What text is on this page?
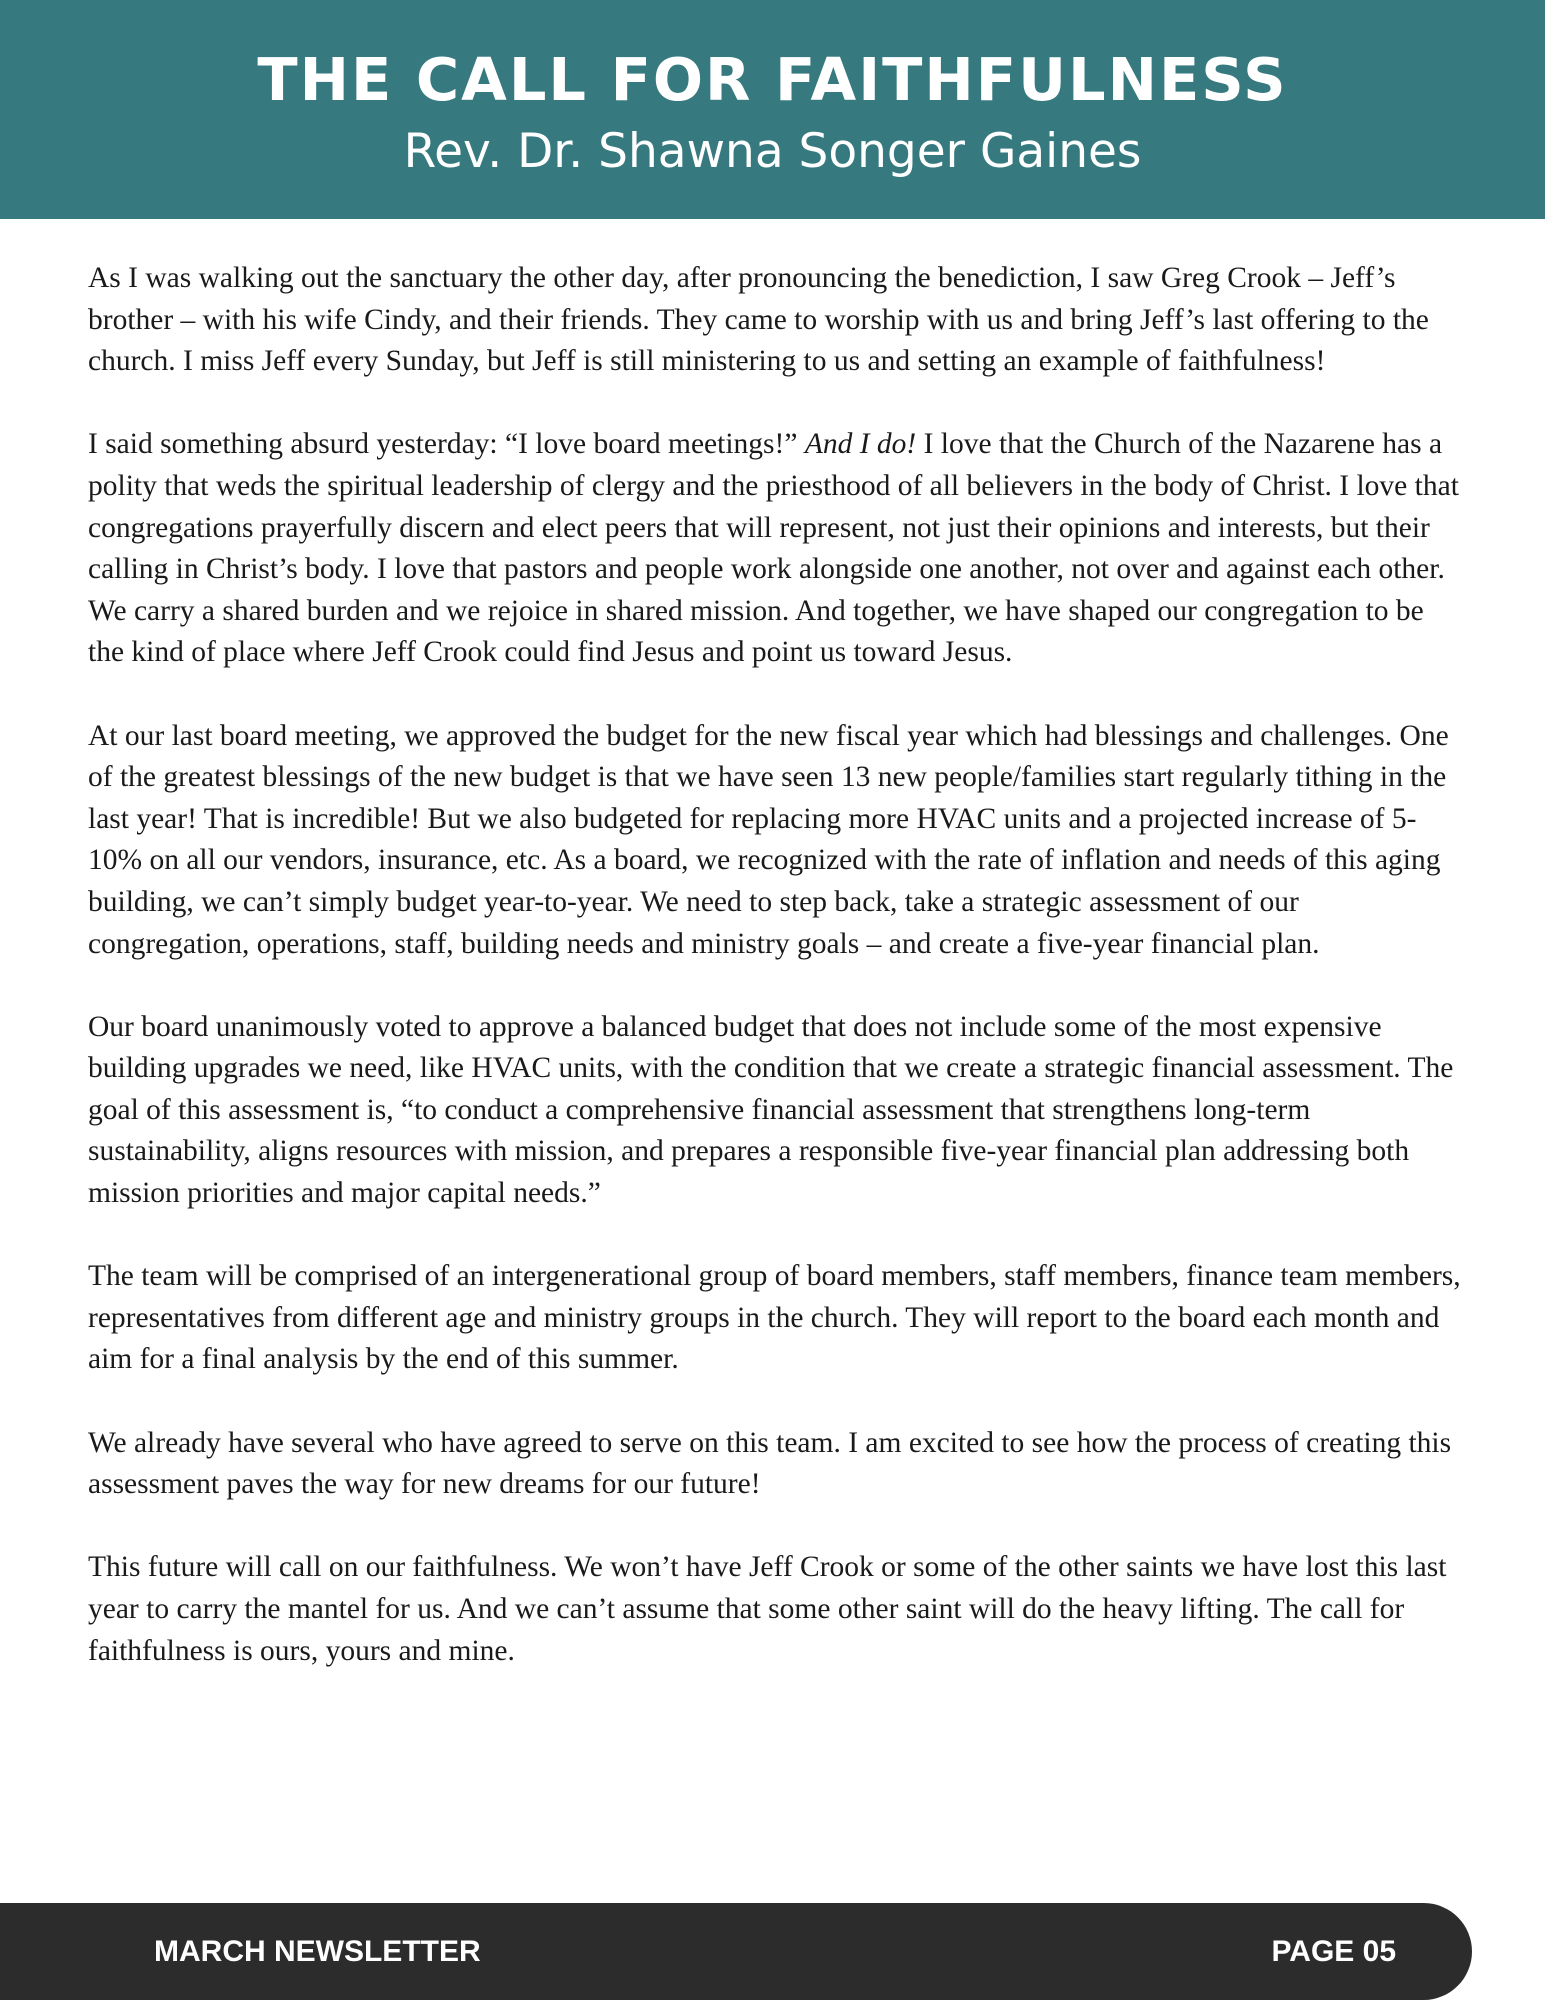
THE CALL FOR FAITHFULNESS
Rev. Dr. Shawna Songer Gaines

As I was walking out the sanctuary the other day, after pronouncing the benediction, I saw Greg Crook – Jeff’s brother – with his wife Cindy, and their friends. They came to worship with us and bring Jeff’s last offering to the church. I miss Jeff every Sunday, but Jeff is still ministering to us and setting an example of faithfulness!

I said something absurd yesterday: “I love board meetings!” And I do! I love that the Church of the Nazarene has a polity that weds the spiritual leadership of clergy and the priesthood of all believers in the body of Christ. I love that congregations prayerfully discern and elect peers that will represent, not just their opinions and interests, but their calling in Christ’s body. I love that pastors and people work alongside one another, not over and against each other. We carry a shared burden and we rejoice in shared mission. And together, we have shaped our congregation to be the kind of place where Jeff Crook could find Jesus and point us toward Jesus.

At our last board meeting, we approved the budget for the new fiscal year which had blessings and challenges. One of the greatest blessings of the new budget is that we have seen 13 new people/families start regularly tithing in the last year! That is incredible! But we also budgeted for replacing more HVAC units and a projected increase of 5-10% on all our vendors, insurance, etc. As a board, we recognized with the rate of inflation and needs of this aging building, we can’t simply budget year-to-year. We need to step back, take a strategic assessment of our congregation, operations, staff, building needs and ministry goals – and create a five-year financial plan.

Our board unanimously voted to approve a balanced budget that does not include some of the most expensive building upgrades we need, like HVAC units, with the condition that we create a strategic financial assessment. The goal of this assessment is, “to conduct a comprehensive financial assessment that strengthens long-term sustainability, aligns resources with mission, and prepares a responsible five-year financial plan addressing both mission priorities and major capital needs.”

The team will be comprised of an intergenerational group of board members, staff members, finance team members, representatives from different age and ministry groups in the church. They will report to the board each month and aim for a final analysis by the end of this summer.

We already have several who have agreed to serve on this team. I am excited to see how the process of creating this assessment paves the way for new dreams for our future!

This future will call on our faithfulness. We won’t have Jeff Crook or some of the other saints we have lost this last year to carry the mantel for us. And we can’t assume that some other saint will do the heavy lifting. The call for faithfulness is ours, yours and mine.

MARCH NEWSLETTER	PAGE 05
